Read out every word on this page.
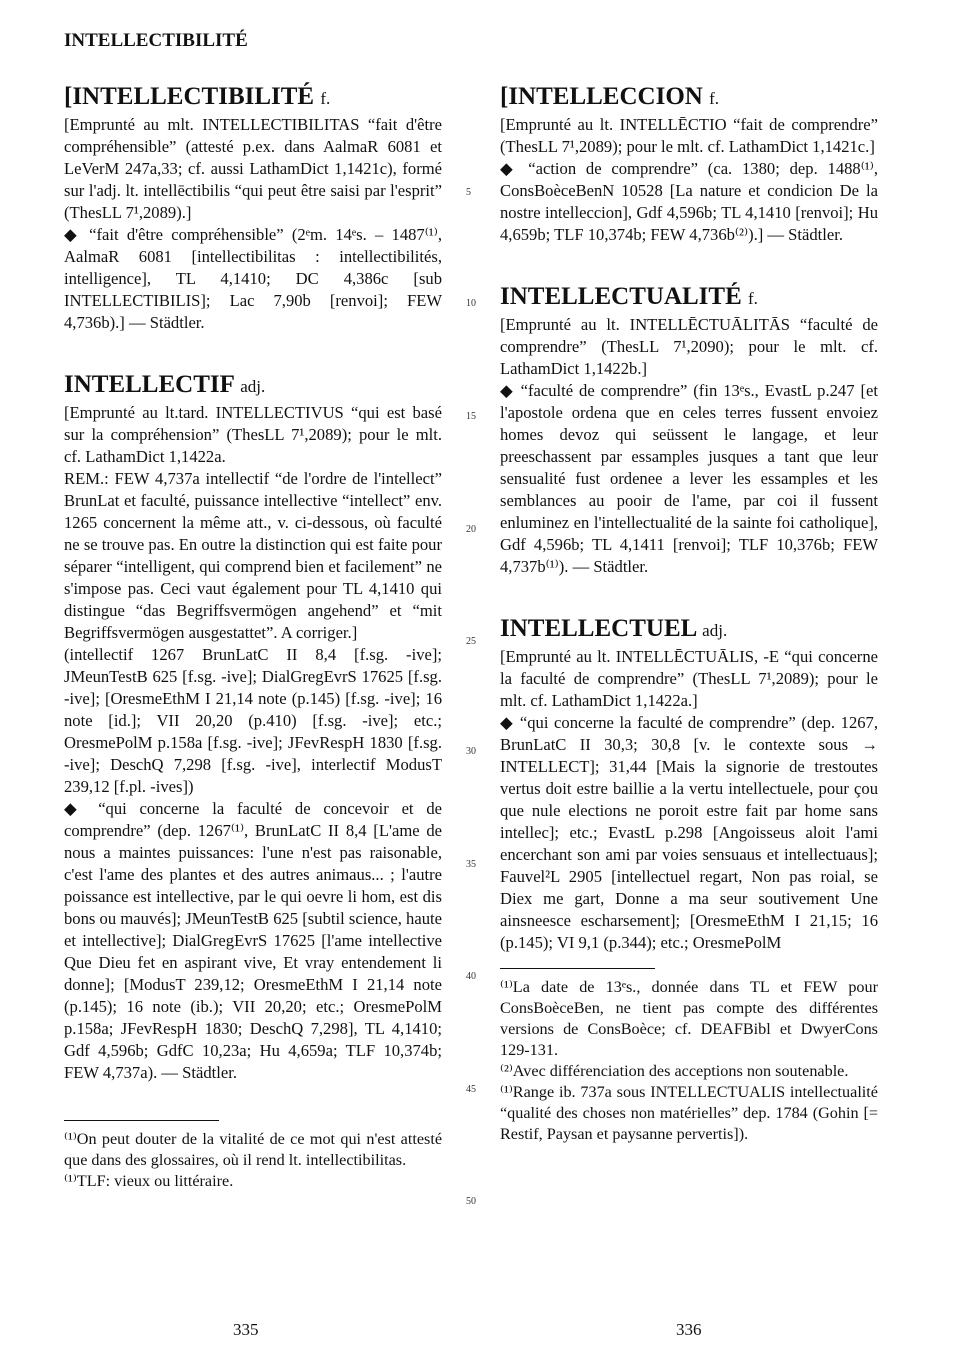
INTELLECTIBILITÉ
[INTELLECTIBILITÉ f.

[Emprunté au mlt. INTELLECTIBILITAS “fait d'être compréhensible” (attesté p.ex. dans AalmaR 6081 et LeVerM 247a,33; cf. aussi LathamDict 1,1421c), formé sur l'adj. lt. intellēctibilis “qui peut être saisi par l'esprit” (ThesLL 7¹,2089).]

◆ “fait d'être compréhensible” (2ᵉm. 14ᵉs. – 1487⁽¹⁾, AalmaR 6081 [intellectibilitas : intellectibilités, intelligence], TL 4,1410; DC 4,386c [sub INTELLECTIBILIS]; Lac 7,90b [renvoi]; FEW 4,736b).] — Städtler.

INTELLECTIF adj.

[Emprunté au lt.tard. INTELLECTIVUS “qui est basé sur la compréhension” (ThesLL 7¹,2089); pour le mlt. cf. LathamDict 1,1422a.

REM.: FEW 4,737a intellectif “de l'ordre de l'intellect” BrunLat et faculté, puissance intellective “intellect” env. 1265 concernent la même att., v. ci-dessous, où faculté ne se trouve pas. En outre la distinction qui est faite pour séparer “intelligent, qui comprend bien et facilement” ne s'impose pas. Ceci vaut également pour TL 4,1410 qui distingue “das Begriffsvermögen angehend” et “mit Begriffsvermögen ausgestattet”. A corriger.]

(intellectif 1267 BrunLatC II 8,4 [f.sg. -ive]; JMeunTestB 625 [f.sg. -ive]; DialGregEvrS 17625 [f.sg. -ive]; [OresmeEthM I 21,14 note (p.145) [f.sg. -ive]; 16 note [id.]; VII 20,20 (p.410) [f.sg. -ive]; etc.; OresmePolM p.158a [f.sg. -ive]; JFevRespH 1830 [f.sg. -ive]; DeschQ 7,298 [f.sg. -ive], interlectif ModusT 239,12 [f.pl. -ives])

◆ “qui concerne la faculté de concevoir et de comprendre” (dep. 1267⁽¹⁾, BrunLatC II 8,4 [L'ame de nous a maintes puissances: l'une n'est pas raisonable, c'est l'ame des plantes et des autres animaus... ; l'autre poissance est intellective, par le qui oevre li hom, est dis bons ou mauvés]; JMeunTestB 625 [subtil science, haute et intellective]; DialGregEvrS 17625 [l'ame intellective Que Dieu fet en aspirant vive, Et vray entendement li donne]; [ModusT 239,12; OresmeEthM I 21,14 note (p.145); 16 note (ib.); VII 20,20; etc.; OresmePolM p.158a; JFevRespH 1830; DeschQ 7,298], TL 4,1410; Gdf 4,596b; GdfC 10,23a; Hu 4,659a; TLF 10,374b; FEW 4,737a). — Städtler.

⁽¹⁾On peut douter de la vitalité de ce mot qui n'est attesté que dans des glossaires, où il rend lt. intellectibilitas.

⁽¹⁾TLF: vieux ou littéraire.

[INTELLECCION f.

[Emprunté au lt. INTELLĒCTIO “fait de comprendre” (ThesLL 7¹,2089); pour le mlt. cf. LathamDict 1,1421c.]

◆ “action de comprendre” (ca. 1380; dep. 1488⁽¹⁾, ConsBoèceBenN 10528 [La nature et condicion De la nostre intelleccion], Gdf 4,596b; TL 4,1410 [renvoi]; Hu 4,659b; TLF 10,374b; FEW 4,736b⁽²⁾).] — Städtler.

INTELLECTUALITÉ f.

[Emprunté au lt. INTELLĒCTUĀLITĀS “faculté de comprendre” (ThesLL 7¹,2090); pour le mlt. cf. LathamDict 1,1422b.]

◆ “faculté de comprendre” (fin 13ᵉs., EvastL p.247 [et l'apostole ordena que en celes terres fussent envoiez homes devoz qui seüssent le langage, et leur preeschassent par essamples jusques a tant que leur sensualité fust ordenee a lever les essamples et les semblances au pooir de l'ame, par coi il fussent enluminez en l'intellectualité de la sainte foi catholique], Gdf 4,596b; TL 4,1411 [renvoi]; TLF 10,376b; FEW 4,737b⁽¹⁾). — Städtler.

INTELLECTUEL adj.

[Emprunté au lt. INTELLĒCTUĀLIS, -E “qui concerne la faculté de comprendre” (ThesLL 7¹,2089); pour le mlt. cf. LathamDict 1,1422a.]

◆ “qui concerne la faculté de comprendre” (dep. 1267, BrunLatC II 30,3; 30,8 [v. le contexte sous → INTELLECT]; 31,44 [Mais la signorie de trestoutes vertus doit estre baillie a la vertu intellectuele, pour çou que nule elections ne poroit estre fait par home sans intellec]; etc.; EvastL p.298 [Angoisseus aloit l'ami encerchant son ami par voies sensuaus et intellectuaus]; Fauvel²L 2905 [intellectuel regart, Non pas roial, se Diex me gart, Donne a ma seur soutivement Une ainsneesce escharsement]; [OresmeEthM I 21,15; 16 (p.145); VI 9,1 (p.344); etc.; OresmePolM

⁽¹⁾La date de 13ᵉs., donnée dans TL et FEW pour ConsBoèceBen, ne tient pas compte des différentes versions de ConsBoèce; cf. DEAFBibl et DwyerCons 129-131.

⁽²⁾Avec différenciation des acceptions non soutenable.

⁽¹⁾Range ib. 737a sous INTELLECTUALIS intellectualité “qualité des choses non matérielles” dep. 1784 (Gohin [= Restif, Paysan et paysanne pervertis]).

5
10
15
20
25
30
35
40
45
50
335	336
